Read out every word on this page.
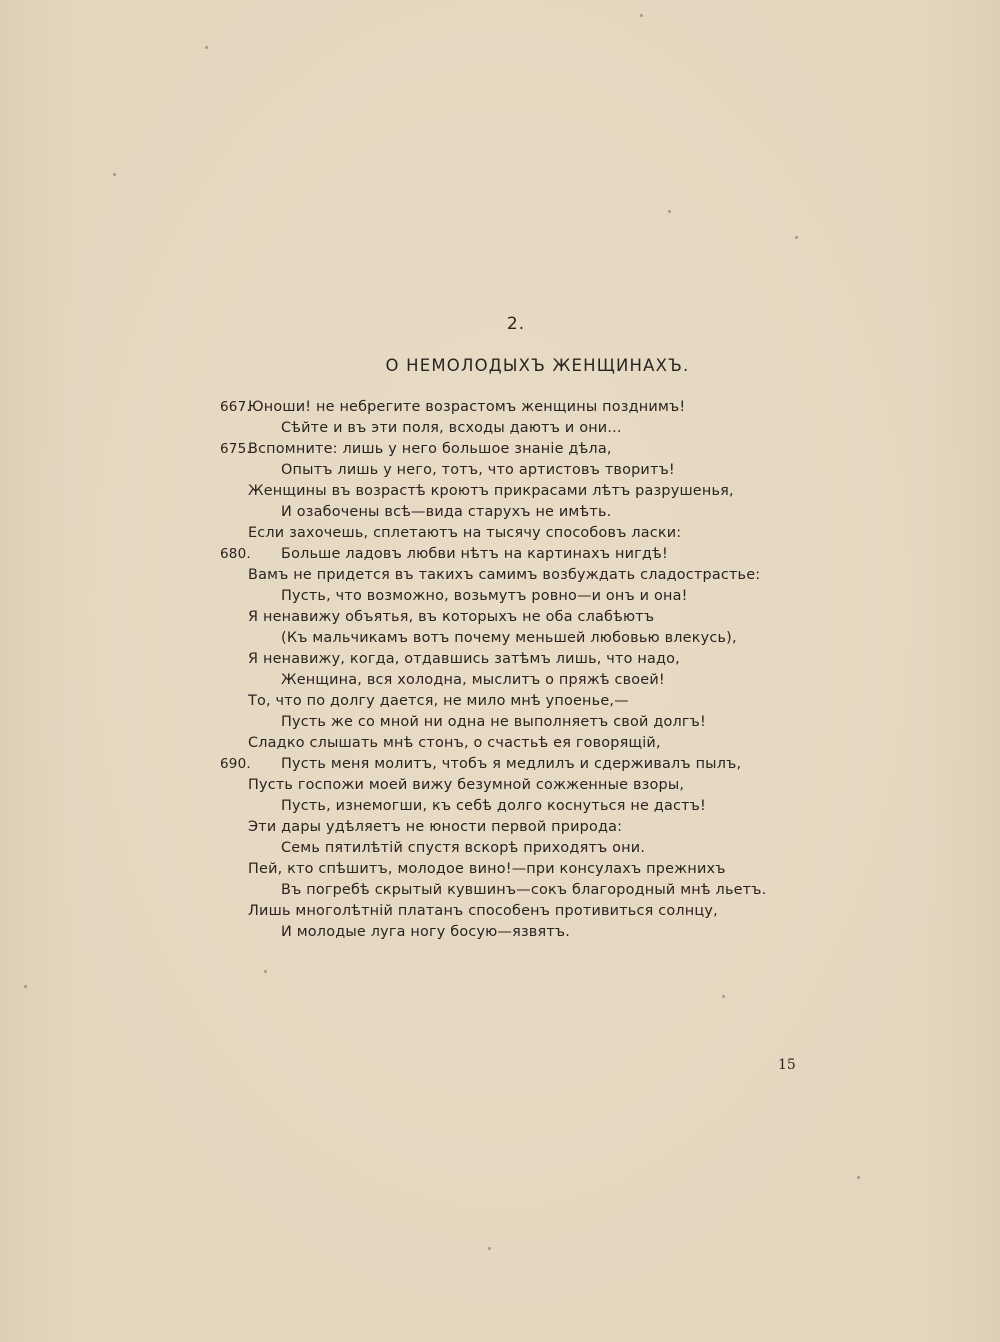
2.
О НЕМОЛОДЫХЪ ЖЕНЩИНАХЪ.
667.
Юноши! не небрегите возрастомъ женщины позднимъ!
Сѣйте и въ эти поля, всходы даютъ и они...
675.
Вспомните: лишь у него большое знанiе дѣла,
Опытъ лишь у него, тотъ, что артистовъ творитъ!
Женщины въ возрастѣ кроютъ прикрасами лѣтъ разрушенья,
И озабочены всѣ—вида старухъ не имѣть.
Если захочешь, сплетаютъ на тысячу способовъ ласки:
680. Больше ладовъ любви нѣтъ на картинахъ нигдѣ!
Вамъ не придется въ такихъ самимъ возбуждать сладострастье:
Пусть, что возможно, возьмутъ ровно—и онъ и она!
Я ненавижу объятья, въ которыхъ не оба слабѣютъ
(Къ мальчикамъ вотъ почему меньшей любовью влекусь),
Я ненавижу, когда, отдавшись затѣмъ лишь, что надо,
Женщина, вся холодна, мыслитъ о пряжѣ своей!
То, что по долгу дается, не мило мнѣ упоенье,—
Пусть же со мной ни одна не выполняетъ свой долгъ!
Сладко слышать мнѣ стонъ, о счастьѣ ея говорящiй,
690. Пусть меня молитъ, чтобъ я медлилъ и сдерживалъ пылъ,
Пусть госпожи моей вижу безумной сожженные взоры,
Пусть, изнемогши, къ себѣ долго коснуться не дастъ!
Эти дары удѣляетъ не юности первой природа:
Семь пятилѣтiй спустя вскорѣ приходятъ они.
Пей, кто спѣшитъ, молодое вино!—при консулахъ прежнихъ
Въ погребѣ скрытый кувшинъ—сокъ благородный мнѣ льетъ.
Лишь многолѣтнiй платанъ способенъ противиться солнцу,
И молодые луга ногу босую—язвятъ.
15
